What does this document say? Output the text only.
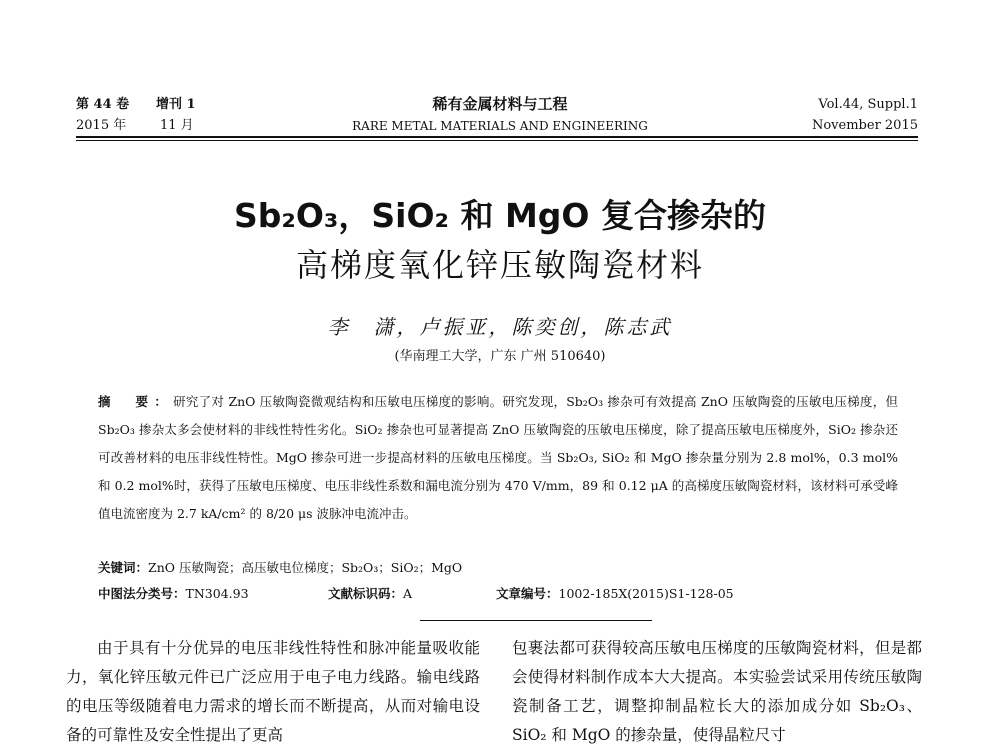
第 44 卷 增刊 1
2015 年	11 月
稀有金属材料与工程
RARE METAL MATERIALS AND ENGINEERING
Vol.44, Suppl.1
November 2015
Sb₂O₃，SiO₂ 和 MgO 复合掺杂的
高梯度氧化锌压敏陶瓷材料
李　潇，卢振亚，陈奕创，陈志武
(华南理工大学，广东 广州 510640)
摘　要：研究了对 ZnO 压敏陶瓷微观结构和压敏电压梯度的影响。研究发现，Sb₂O₃ 掺杂可有效提高 ZnO 压敏陶瓷的压敏电压梯度，但 Sb₂O₃ 掺杂太多会使材料的非线性特性劣化。SiO₂ 掺杂也可显著提高 ZnO 压敏陶瓷的压敏电压梯度，除了提高压敏电压梯度外，SiO₂ 掺杂还可改善材料的电压非线性特性。MgO 掺杂可进一步提高材料的压敏电压梯度。当 Sb₂O₃, SiO₂ 和 MgO 掺杂量分别为 2.8 mol%，0.3 mol%和 0.2 mol%时，获得了压敏电压梯度、电压非线性系数和漏电流分别为 470 V/mm，89 和 0.12 μA 的高梯度压敏陶瓷材料，该材料可承受峰值电流密度为 2.7 kA/cm² 的 8/20 μs 波脉冲电流冲击。
关键词：ZnO 压敏陶瓷；高压敏电位梯度；Sb₂O₃；SiO₂；MgO
中图法分类号：TN304.93	文献标识码：A	文章编号：1002-185X(2015)S1-128-05

由于具有十分优异的电压非线性特性和脉冲能量吸收能力，氧化锌压敏元件已广泛应用于电子电力线路。输电线路的电压等级随着电力需求的增长而不断提高，从而对输电设备的可靠性及安全性提出了更高

包裹法都可获得较高压敏电压梯度的压敏陶瓷材料，但是都会使得材料制作成本大大提高。本实验尝试采用传统压敏陶瓷制备工艺，调整抑制晶粒长大的添加成分如 Sb₂O₃、SiO₂ 和 MgO 的掺杂量，使得晶粒尺寸
